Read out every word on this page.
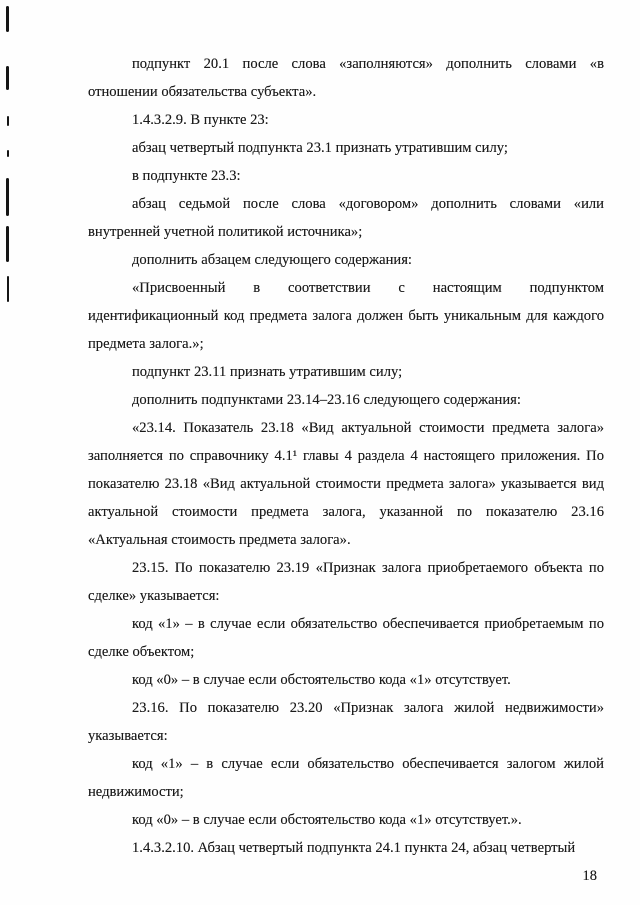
подпункт 20.1 после слова «заполняются» дополнить словами «в отношении обязательства субъекта».

1.4.3.2.9. В пункте 23:

абзац четвертый подпункта 23.1 признать утратившим силу;

в подпункте 23.3:

абзац седьмой после слова «договором» дополнить словами «или внутренней учетной политикой источника»;

дополнить абзацем следующего содержания:

«Присвоенный в соответствии с настоящим подпунктом идентификационный код предмета залога должен быть уникальным для каждого предмета залога.»;

подпункт 23.11 признать утратившим силу;

дополнить подпунктами 23.14–23.16 следующего содержания:

«23.14. Показатель 23.18 «Вид актуальной стоимости предмета залога» заполняется по справочнику 4.1¹ главы 4 раздела 4 настоящего приложения. По показателю 23.18 «Вид актуальной стоимости предмета залога» указывается вид актуальной стоимости предмета залога, указанной по показателю 23.16 «Актуальная стоимость предмета залога».

23.15. По показателю 23.19 «Признак залога приобретаемого объекта по сделке» указывается:

код «1» – в случае если обязательство обеспечивается приобретаемым по сделке объектом;

код «0» – в случае если обстоятельство кода «1» отсутствует.

23.16. По показателю 23.20 «Признак залога жилой недвижимости» указывается:

код «1» – в случае если обязательство обеспечивается залогом жилой недвижимости;

код «0» – в случае если обстоятельство кода «1» отсутствует.».

1.4.3.2.10. Абзац четвертый подпункта 24.1 пункта 24, абзац четвертый

18
